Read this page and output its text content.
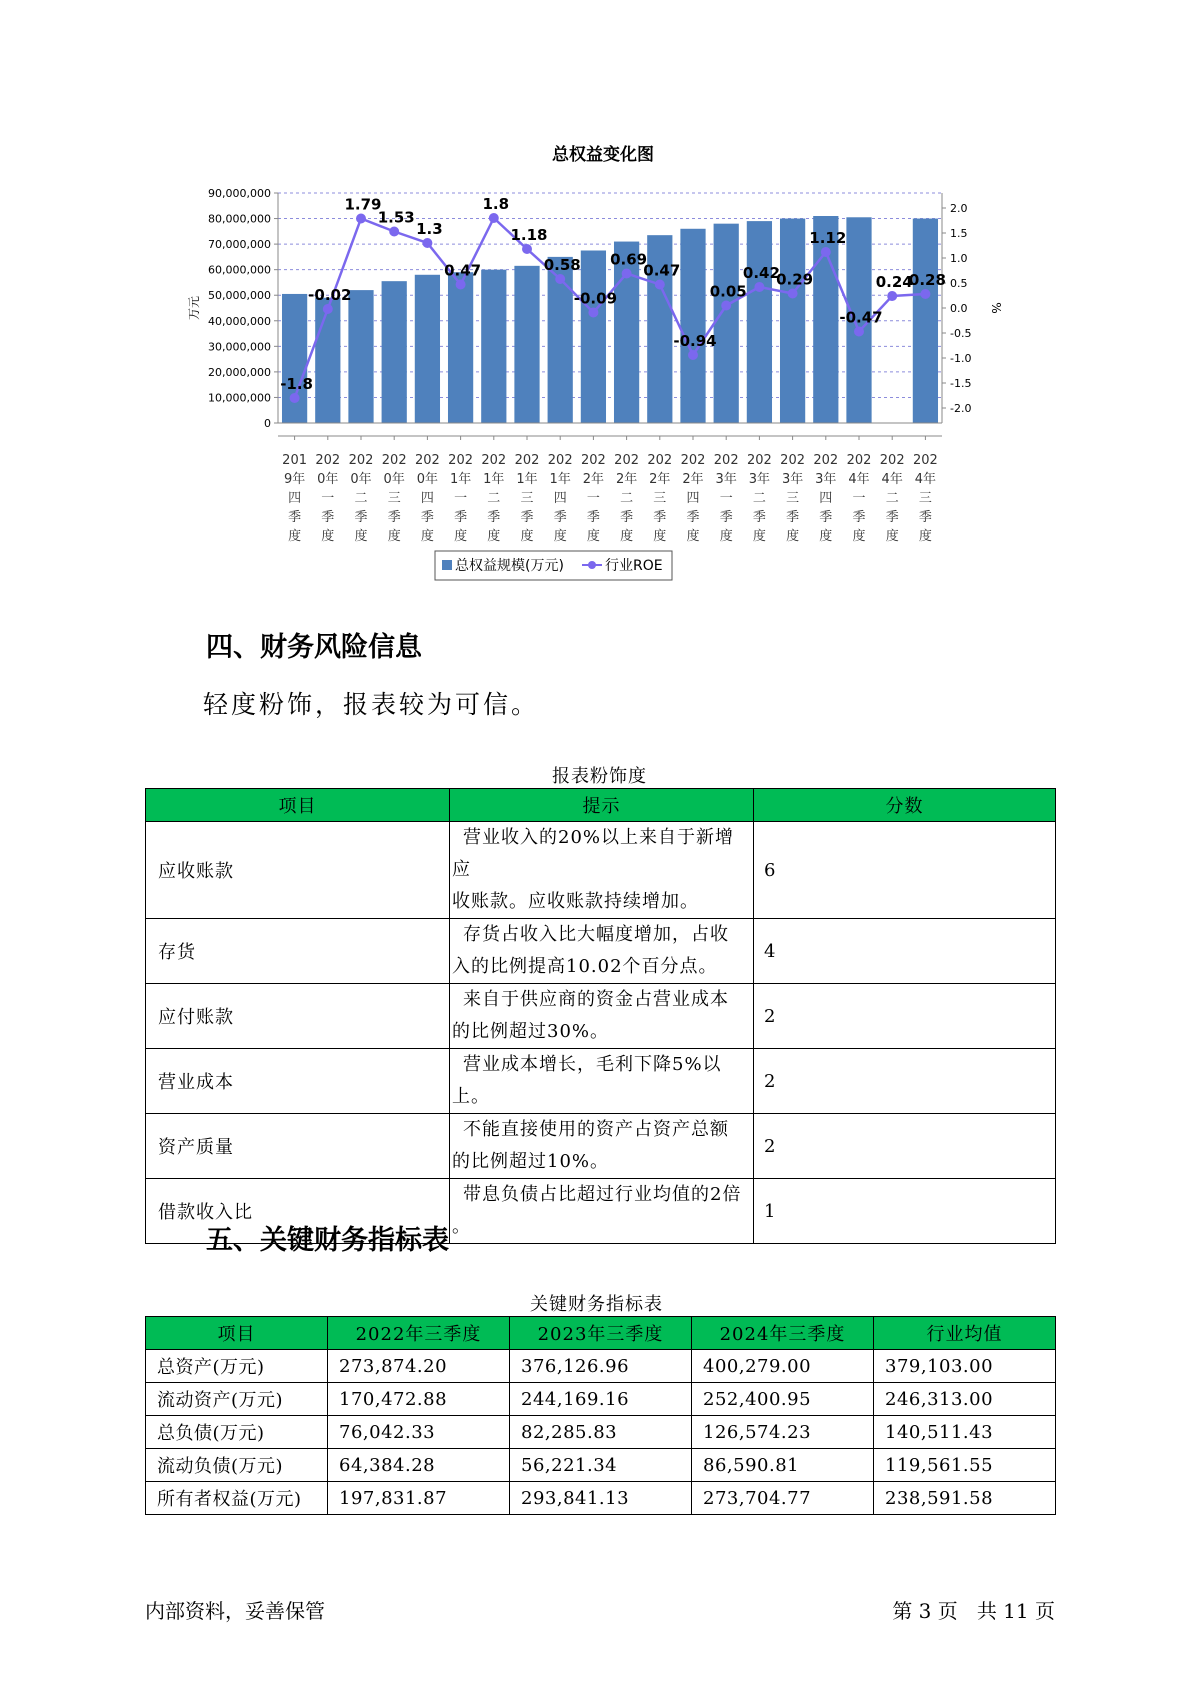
总权益变化图
0
10,000,000
20,000,000
30,000,000
40,000,000
50,000,000
60,000,000
70,000,000
80,000,000
90,000,000
-2.0
-1.5
-1.0
-0.5
0.0
0.5
1.0
1.5
2.0
万元	%
-1.8
-0.02
1.79
1.53
1.3
0.47
1.8
1.18
0.58
-0.09
0.69
0.47
-0.94
0.05
0.42
0.29
1.12
-0.47
0.24
0.28
201
9年
四
季
度
202
0年
一
季
度
202
0年
二
季
度
202
0年
三
季
度
202
0年
四
季
度
202
1年
一
季
度
202
1年
二
季
度
202
1年
三
季
度
202
1年
四
季
度
202
2年
一
季
度
202
2年
二
季
度
202
2年
三
季
度
202
2年
四
季
度
202
3年
一
季
度
202
3年
二
季
度
202
3年
三
季
度
202
3年
四
季
度
202
4年
一
季
度
202
4年
二
季
度
202
4年
三
季
度
总权益规模(万元)	行业ROE
四、财务风险信息

轻度粉饰，报表较为可信。

报表粉饰度
项目	提示	分数
应收账款	营业收入的20%以上来自于新增应
收账款。应收账款持续增加。	6
存货	存货占收入比大幅度增加，占收
入的比例提高10.02个百分点。	4
应付账款	来自于供应商的资金占营业成本
的比例超过30%。	2
营业成本	营业成本增长，毛利下降5%以上。	2
资产质量	不能直接使用的资产占资产总额
的比例超过10%。	2
借款收入比	带息负债占比超过行业均值的2倍
。	1
五、关键财务指标表
关键财务指标表
项目	2022年三季度	2023年三季度	2024年三季度	行业均值
总资产(万元)	273,874.20	376,126.96	400,279.00	379,103.00
流动资产(万元)	170,472.88	244,169.16	252,400.95	246,313.00
总负债(万元)	76,042.33	82,285.83	126,574.23	140,511.43
流动负债(万元)	64,384.28	56,221.34	86,590.81	119,561.55
所有者权益(万元)	197,831.87	293,841.13	273,704.77	238,591.58
内部资料，妥善保管	第 3 页   共 11 页
